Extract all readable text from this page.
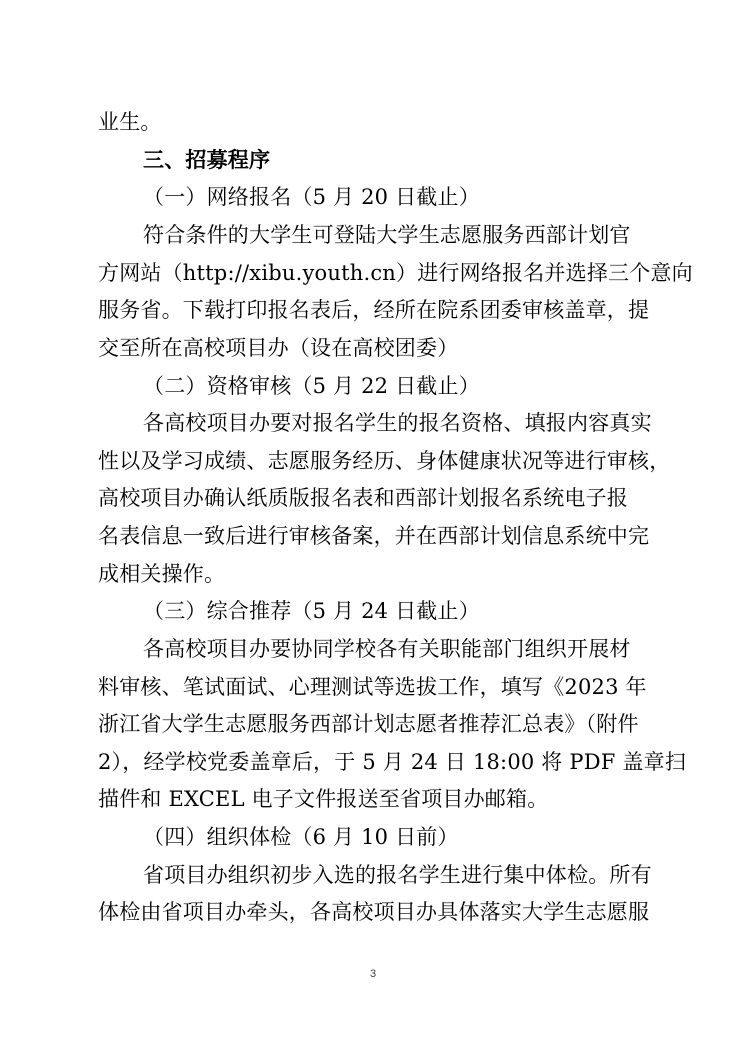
业生。
三、招募程序
（一）网络报名（5 月 20 日截止）
符合条件的大学生可登陆大学生志愿服务西部计划官
方网站（http://xibu.youth.cn）进行网络报名并选择三个意向
服务省。下载打印报名表后，经所在院系团委审核盖章，提
交至所在高校项目办（设在高校团委）
（二）资格审核（5 月 22 日截止）
各高校项目办要对报名学生的报名资格、填报内容真实
性以及学习成绩、志愿服务经历、身体健康状况等进行审核，
高校项目办确认纸质版报名表和西部计划报名系统电子报
名表信息一致后进行审核备案，并在西部计划信息系统中完
成相关操作。
（三）综合推荐（5 月 24 日截止）
各高校项目办要协同学校各有关职能部门组织开展材
料审核、笔试面试、心理测试等选拔工作，填写《2023 年
浙江省大学生志愿服务西部计划志愿者推荐汇总表》（附件
2），经学校党委盖章后，于 5 月 24 日 18:00 将 PDF 盖章扫
描件和 EXCEL 电子文件报送至省项目办邮箱。
（四）组织体检（6 月 10 日前）
省项目办组织初步入选的报名学生进行集中体检。所有
体检由省项目办牵头，各高校项目办具体落实大学生志愿服
3
